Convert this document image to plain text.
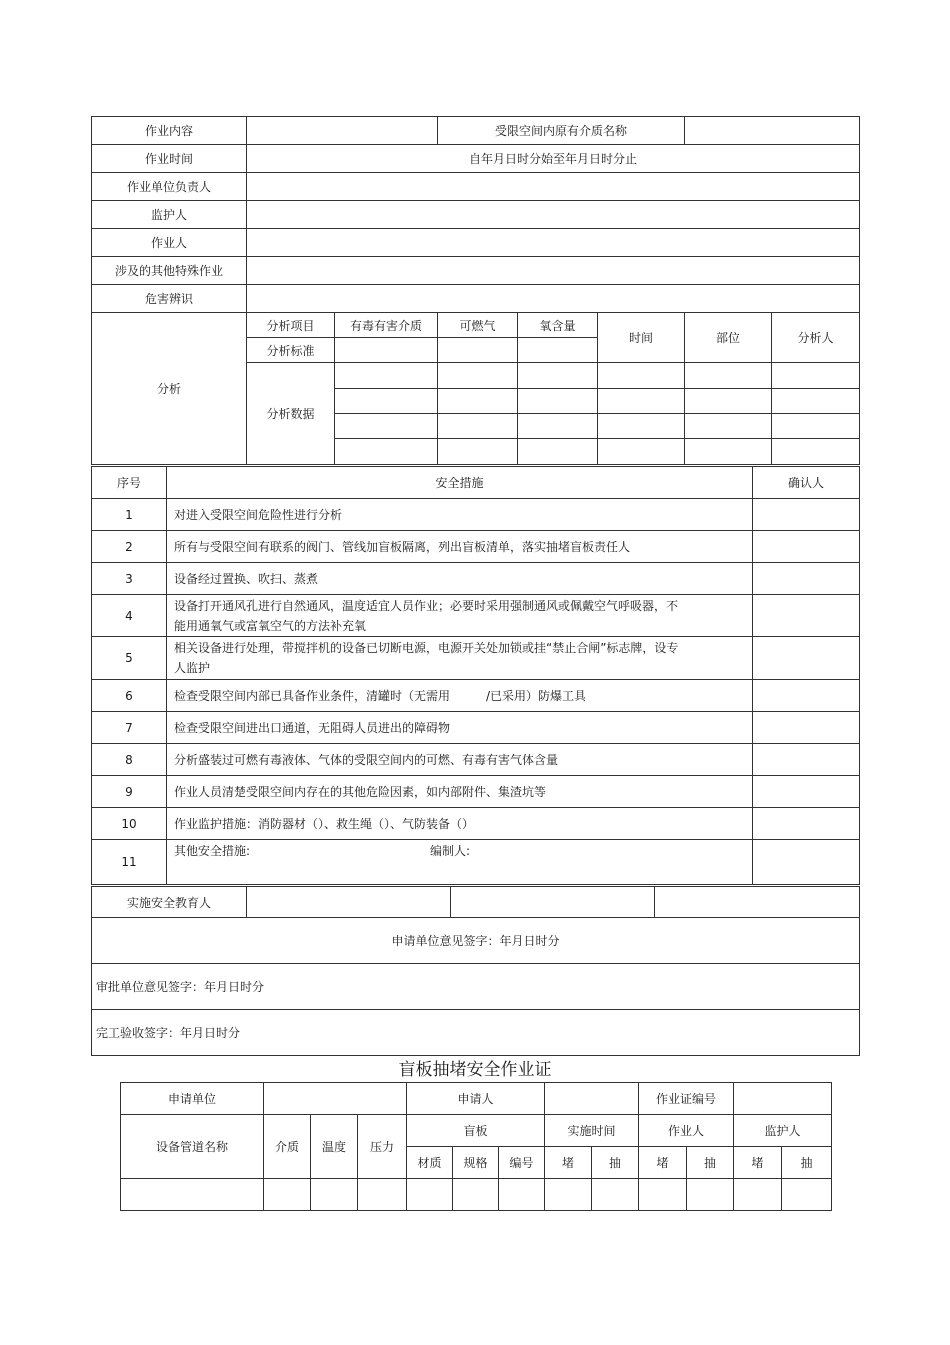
作业内容			受限空间内原有介质名称				
作业时间	自年月日时分始至年月日时分止						
作业单位负责人							
监护人							
作业人							
涉及的其他特殊作业							
危害辨识							
分析	分析项目	有毒有害介质	可燃气	氧含量	时间	部位	分析人
	分析标准						
	分析数据						

序号	安全措施	确认人
1	对进入受限空间危险性进行分析	
2	所有与受限空间有联系的阀门、管线加盲板隔离，列出盲板清单，落实抽堵盲板责任人	
3	设备经过置换、吹扫、蒸煮	
4	设备打开通风孔进行自然通风，温度适宜人员作业；必要时采用强制通风或佩戴空气呼吸器，不能用通氧气或富氧空气的方法补充氧	
5	相关设备进行处理，带搅拌机的设备已切断电源，电源开关处加锁或挂“禁止合闸”标志牌，设专人监护	
6	检查受限空间内部已具备作业条件，清罐时（无需用　　　/已采用）防爆工具	
7	检查受限空间进出口通道，无阻碍人员进出的障碍物	
8	分析盛装过可燃有毒液体、气体的受限空间内的可燃、有毒有害气体含量	
9	作业人员清楚受限空间内存在的其他危险因素，如内部附件、集渣坑等	
10	作业监护措施：消防器材（）、救生绳（）、气防装备（）	
11	其他安全措施: 编制人:	

实施安全教育人			
申请单位意见签字：年月日时分
审批单位意见签字：年月日时分
完工验收签字：年月日时分
盲板抽堵安全作业证
申请单位				申请人					作业证编号			
设备管道名称	介质	温度	压力	盲板			实施时间		作业人		监护人	
				材质	规格	编号	堵	抽	堵	抽	堵	抽
